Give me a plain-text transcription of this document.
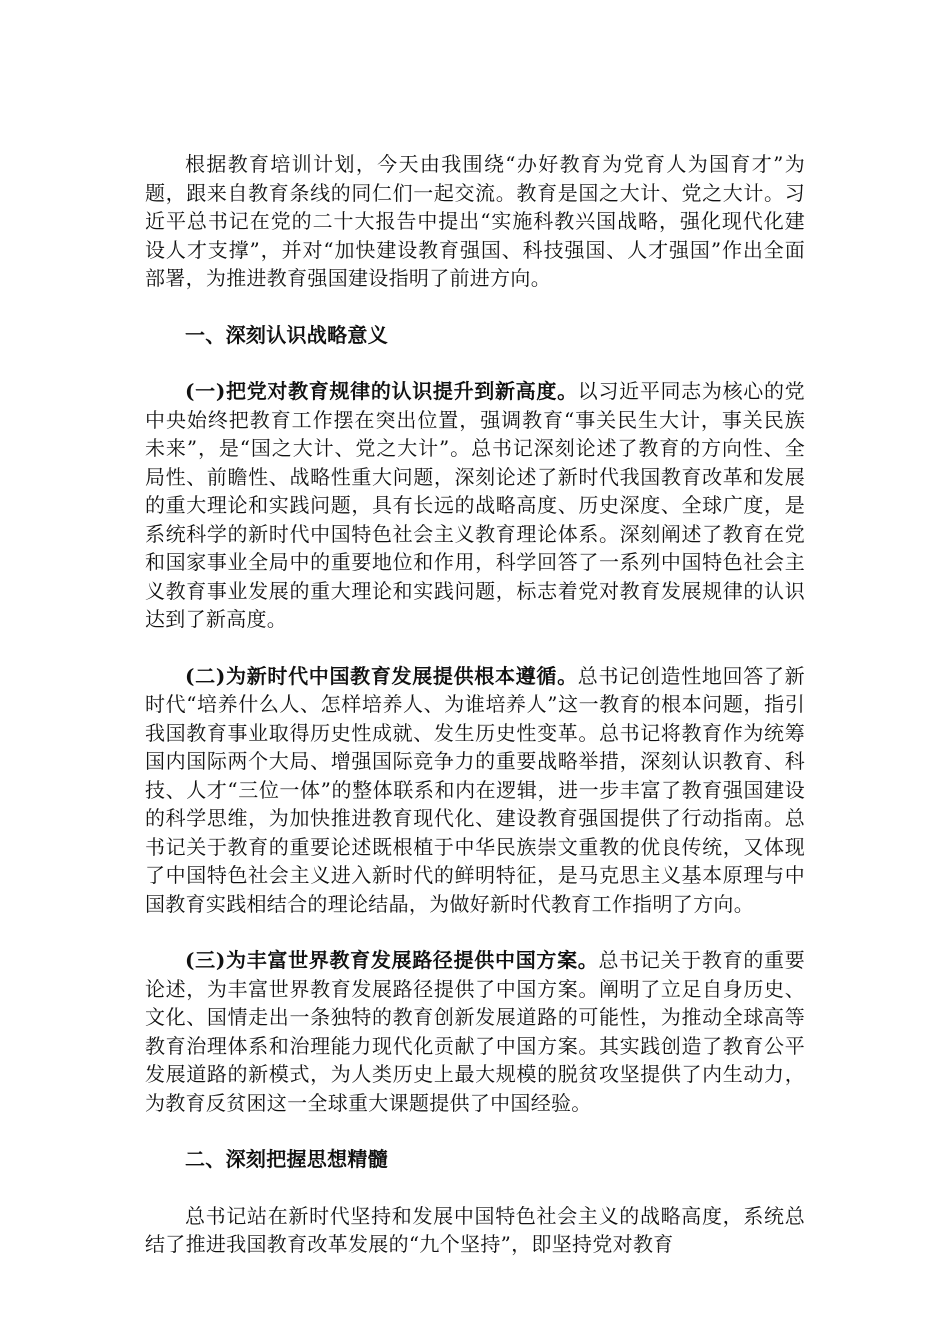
根据教育培训计划，今天由我围绕“办好教育为党育人为国育才”为题，跟来自教育条线的同仁们一起交流。教育是国之大计、党之大计。习近平总书记在党的二十大报告中提出“实施科教兴国战略，强化现代化建设人才支撑”，并对“加快建设教育强国、科技强国、人才强国”作出全面部署，为推进教育强国建设指明了前进方向。

一、深刻认识战略意义

(一)把党对教育规律的认识提升到新高度。以习近平同志为核心的党中央始终把教育工作摆在突出位置，强调教育“事关民生大计，事关民族未来”，是“国之大计、党之大计”。总书记深刻论述了教育的方向性、全局性、前瞻性、战略性重大问题，深刻论述了新时代我国教育改革和发展的重大理论和实践问题，具有长远的战略高度、历史深度、全球广度，是系统科学的新时代中国特色社会主义教育理论体系。深刻阐述了教育在党和国家事业全局中的重要地位和作用，科学回答了一系列中国特色社会主义教育事业发展的重大理论和实践问题，标志着党对教育发展规律的认识达到了新高度。

(二)为新时代中国教育发展提供根本遵循。总书记创造性地回答了新时代“培养什么人、怎样培养人、为谁培养人”这一教育的根本问题，指引我国教育事业取得历史性成就、发生历史性变革。总书记将教育作为统筹国内国际两个大局、增强国际竞争力的重要战略举措，深刻认识教育、科技、人才“三位一体”的整体联系和内在逻辑，进一步丰富了教育强国建设的科学思维，为加快推进教育现代化、建设教育强国提供了行动指南。总书记关于教育的重要论述既根植于中华民族崇文重教的优良传统，又体现了中国特色社会主义进入新时代的鲜明特征，是马克思主义基本原理与中国教育实践相结合的理论结晶，为做好新时代教育工作指明了方向。

(三)为丰富世界教育发展路径提供中国方案。总书记关于教育的重要论述，为丰富世界教育发展路径提供了中国方案。阐明了立足自身历史、文化、国情走出一条独特的教育创新发展道路的可能性，为推动全球高等教育治理体系和治理能力现代化贡献了中国方案。其实践创造了教育公平发展道路的新模式，为人类历史上最大规模的脱贫攻坚提供了内生动力，为教育反贫困这一全球重大课题提供了中国经验。

二、深刻把握思想精髓

总书记站在新时代坚持和发展中国特色社会主义的战略高度，系统总结了推进我国教育改革发展的“九个坚持”，即坚持党对教育
